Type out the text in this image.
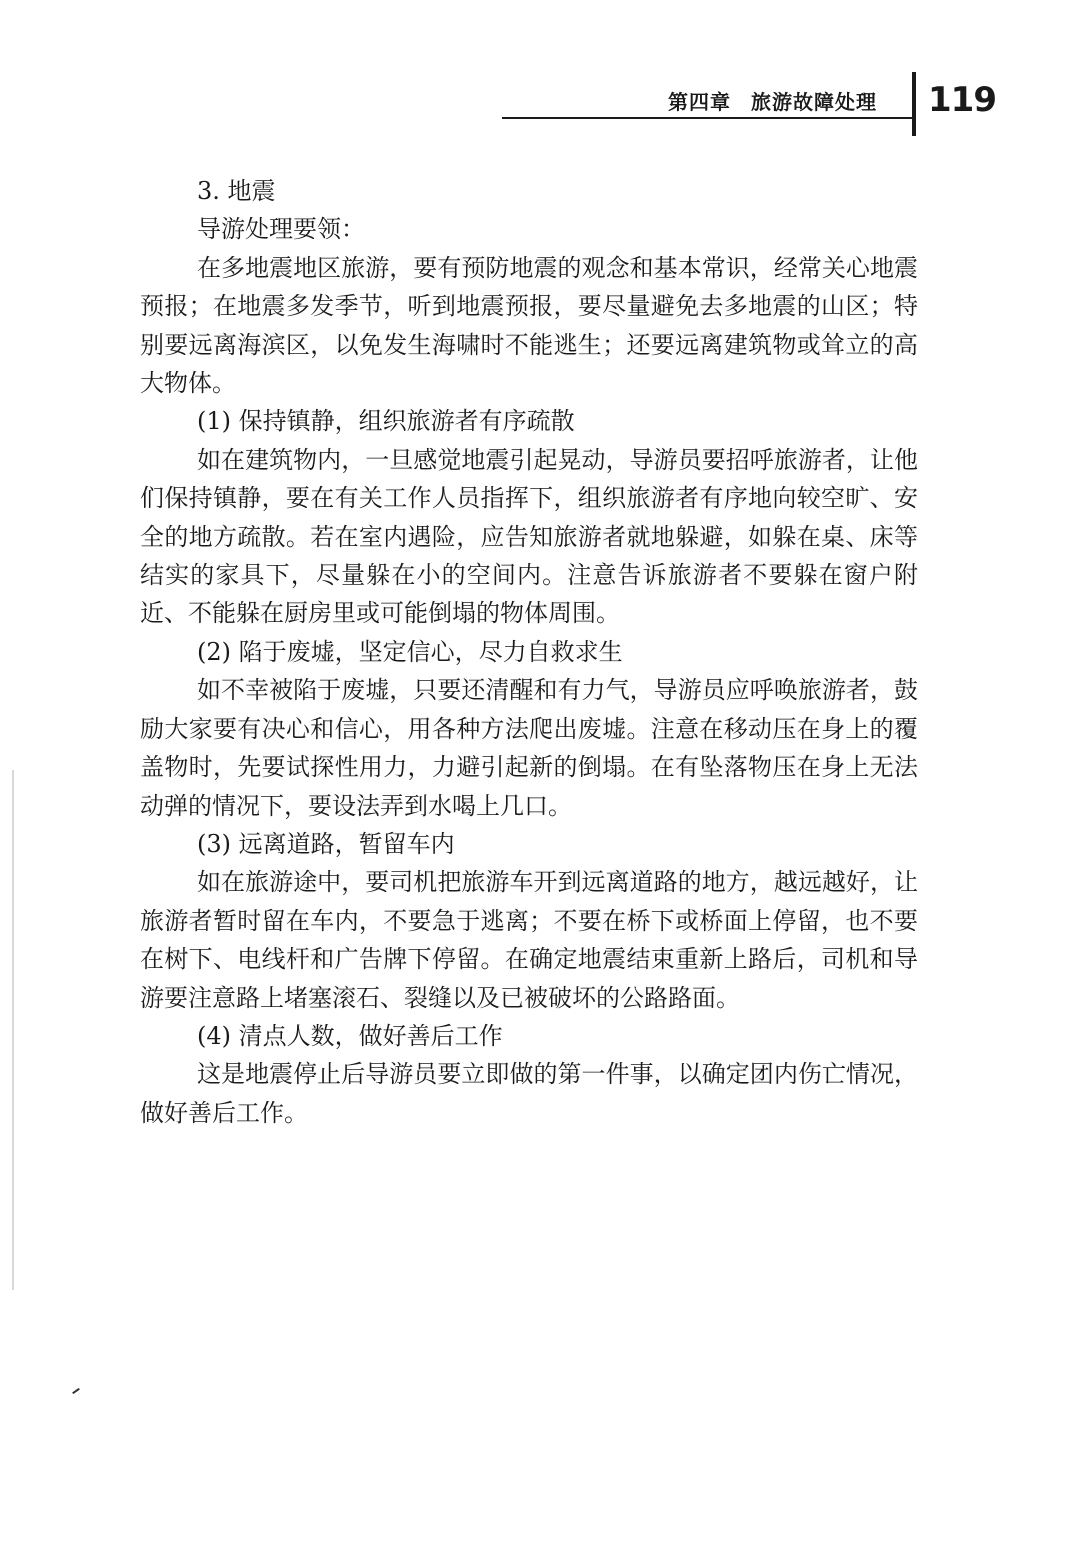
第四章 旅游故障处理 119

3. 地震

导游处理要领：

在多地震地区旅游，要有预防地震的观念和基本常识，经常关心地震预报；在地震多发季节，听到地震预报，要尽量避免去多地震的山区；特别要远离海滨区，以免发生海啸时不能逃生；还要远离建筑物或耸立的高大物体。

(1) 保持镇静，组织旅游者有序疏散

如在建筑物内，一旦感觉地震引起晃动，导游员要招呼旅游者，让他们保持镇静，要在有关工作人员指挥下，组织旅游者有序地向较空旷、安全的地方疏散。若在室内遇险，应告知旅游者就地躲避，如躲在桌、床等结实的家具下，尽量躲在小的空间内。注意告诉旅游者不要躲在窗户附近、不能躲在厨房里或可能倒塌的物体周围。

(2) 陷于废墟，坚定信心，尽力自救求生

如不幸被陷于废墟，只要还清醒和有力气，导游员应呼唤旅游者，鼓励大家要有决心和信心，用各种方法爬出废墟。注意在移动压在身上的覆盖物时，先要试探性用力，力避引起新的倒塌。在有坠落物压在身上无法动弹的情况下，要设法弄到水喝上几口。

(3) 远离道路，暂留车内

如在旅游途中，要司机把旅游车开到远离道路的地方，越远越好，让旅游者暂时留在车内，不要急于逃离；不要在桥下或桥面上停留，也不要在树下、电线杆和广告牌下停留。在确定地震结束重新上路后，司机和导游要注意路上堵塞滚石、裂缝以及已被破坏的公路路面。

(4) 清点人数，做好善后工作

这是地震停止后导游员要立即做的第一件事，以确定团内伤亡情况，做好善后工作。
